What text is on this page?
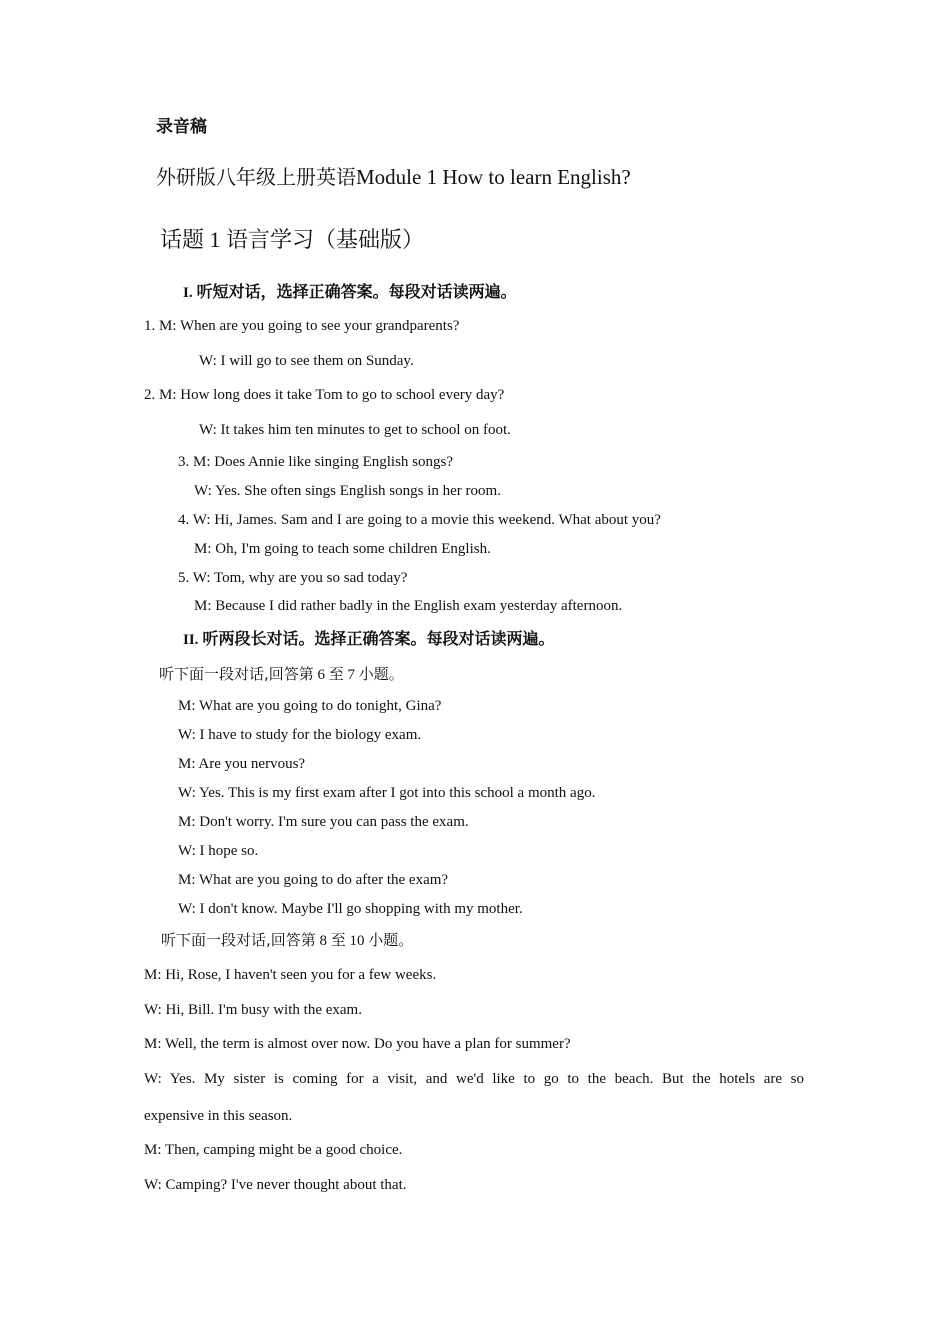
录音稿
外研版八年级上册英语Module 1 How to learn English?
话题 1 语言学习（基础版）
I. 听短对话，选择正确答案。每段对话读两遍。
1. M: When are you going to see your grandparents?
W: I will go to see them on Sunday.
2. M: How long does it take Tom to go to school every day?
W: It takes him ten minutes to get to school on foot.
3. M: Does Annie like singing English songs?
W: Yes. She often sings English songs in her room.
4. W: Hi, James. Sam and I are going to a movie this weekend. What about you?
M: Oh, I'm going to teach some children English.
5. W: Tom, why are you so sad today?
M: Because I did rather badly in the English exam yesterday afternoon.
II. 听两段长对话。选择正确答案。每段对话读两遍。
听下面一段对话,回答第 6 至 7 小题。
M: What are you going to do tonight, Gina?
W: I have to study for the biology exam.
M: Are you nervous?
W: Yes. This is my first exam after I got into this school a month ago.
M: Don't worry. I'm sure you can pass the exam.
W: I hope so.
M: What are you going to do after the exam?
W: I don't know. Maybe I'll go shopping with my mother.
听下面一段对话,回答第 8 至 10 小题。
M: Hi, Rose, I haven't seen you for a few weeks.
W: Hi, Bill. I'm busy with the exam.
M: Well, the term is almost over now. Do you have a plan for summer?
W: Yes. My sister is coming for a visit, and we'd like to go to the beach. But the hotels are so
expensive in this season.
M: Then, camping might be a good choice.
W: Camping? I've never thought about that.
